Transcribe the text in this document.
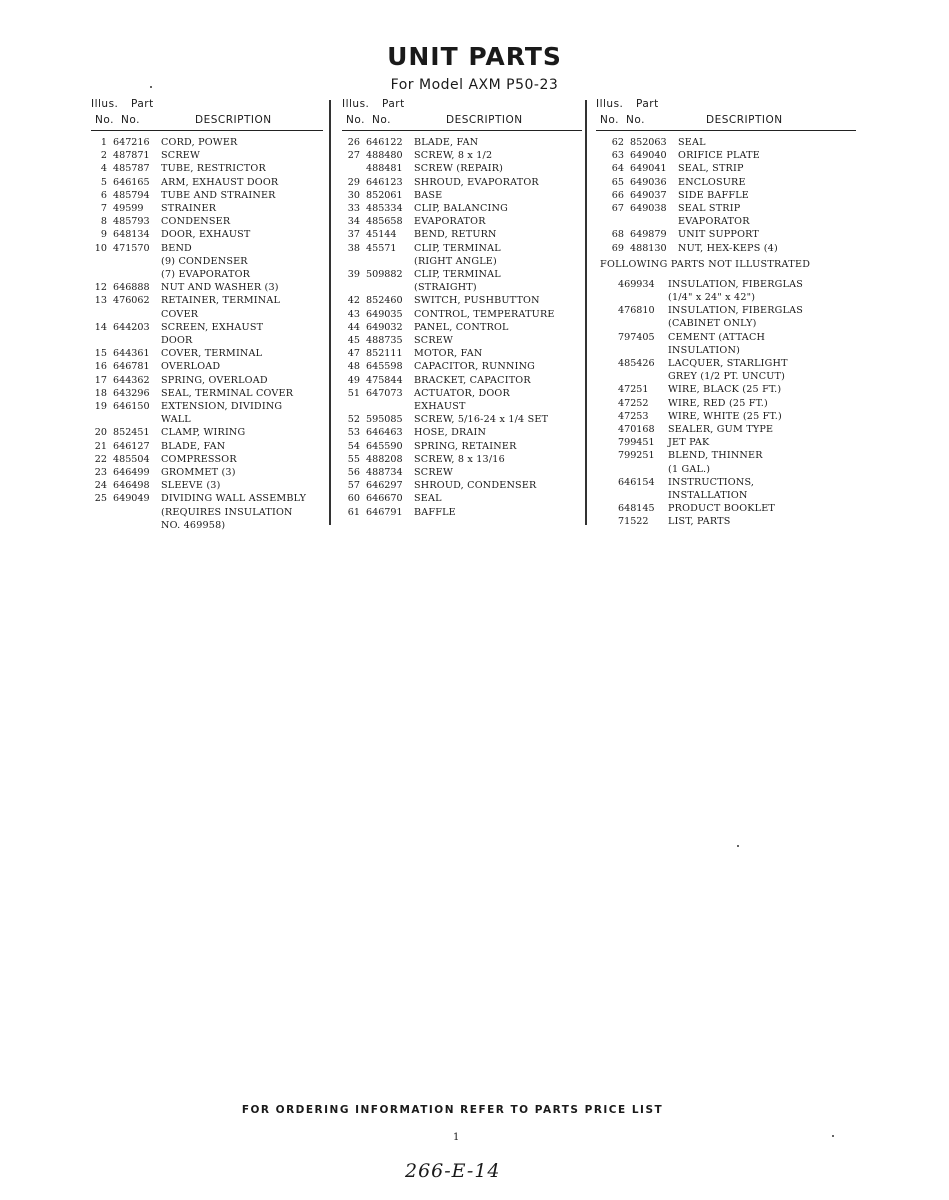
UNIT PARTS
For Model AXM P50-23
Illus. Part
No. No.	DESCRIPTION
1 647216	CORD, POWER
2 487871	SCREW
4 485787	TUBE, RESTRICTOR
5 646165	ARM, EXHAUST DOOR
6 485794	TUBE AND STRAINER
7 49599	STRAINER
8 485793	CONDENSER
9 648134	DOOR, EXHAUST
10 471570	BEND
(9) CONDENSER
(7) EVAPORATOR
12 646888	NUT AND WASHER (3)
13 476062	RETAINER, TERMINAL
COVER
14 644203	SCREEN, EXHAUST
DOOR
15 644361	COVER, TERMINAL
16 646781	OVERLOAD
17 644362	SPRING, OVERLOAD
18 643296	SEAL, TERMINAL COVER
19 646150	EXTENSION, DIVIDING
WALL
20 852451	CLAMP, WIRING
21 646127	BLADE, FAN
22 485504	COMPRESSOR
23 646499	GROMMET (3)
24 646498	SLEEVE (3)
25 649049	DIVIDING WALL ASSEMBLY
(REQUIRES INSULATION
NO. 469958)
Illus. Part
No. No.	DESCRIPTION
26 646122	BLADE, FAN
27 488480	SCREW, 8 x 1/2
488481	SCREW (REPAIR)
29 646123	SHROUD, EVAPORATOR
30 852061	BASE
33 485334	CLIP, BALANCING
34 485658	EVAPORATOR
37 45144	BEND, RETURN
38 45571	CLIP, TERMINAL
(RIGHT ANGLE)
39 509882	CLIP, TERMINAL
(STRAIGHT)
42 852460	SWITCH, PUSHBUTTON
43 649035	CONTROL, TEMPERATURE
44 649032	PANEL, CONTROL
45 488735	SCREW
47 852111	MOTOR, FAN
48 645598	CAPACITOR, RUNNING
49 475844	BRACKET, CAPACITOR
51 647073	ACTUATOR, DOOR
EXHAUST
52 595085	SCREW, 5/16-24 x 1/4 SET
53 646463	HOSE, DRAIN
54 645590	SPRING, RETAINER
55 488208	SCREW, 8 x 13/16
56 488734	SCREW
57 646297	SHROUD, CONDENSER
60 646670	SEAL
61 646791	BAFFLE
Illus. Part
No. No.	DESCRIPTION
62 852063	SEAL
63 649040	ORIFICE PLATE
64 649041	SEAL, STRIP
65 649036	ENCLOSURE
66 649037	SIDE BAFFLE
67 649038	SEAL STRIP
EVAPORATOR
68 649879	UNIT SUPPORT
69 488130	NUT, HEX-KEPS (4)
FOLLOWING PARTS NOT ILLUSTRATED
469934	INSULATION, FIBERGLAS
(1/4" x 24" x 42")
476810	INSULATION, FIBERGLAS
(CABINET ONLY)
797405	CEMENT (ATTACH
INSULATION)
485426	LACQUER, STARLIGHT
GREY (1/2 PT. UNCUT)
47251	WIRE, BLACK (25 FT.)
47252	WIRE, RED (25 FT.)
47253	WIRE, WHITE (25 FT.)
470168	SEALER, GUM TYPE
799451	JET PAK
799251	BLEND, THINNER
(1 GAL.)
646154	INSTRUCTIONS,
INSTALLATION
648145	PRODUCT BOOKLET
71522	LIST, PARTS
FOR ORDERING INFORMATION REFER TO PARTS PRICE LIST
1
266-E-14
